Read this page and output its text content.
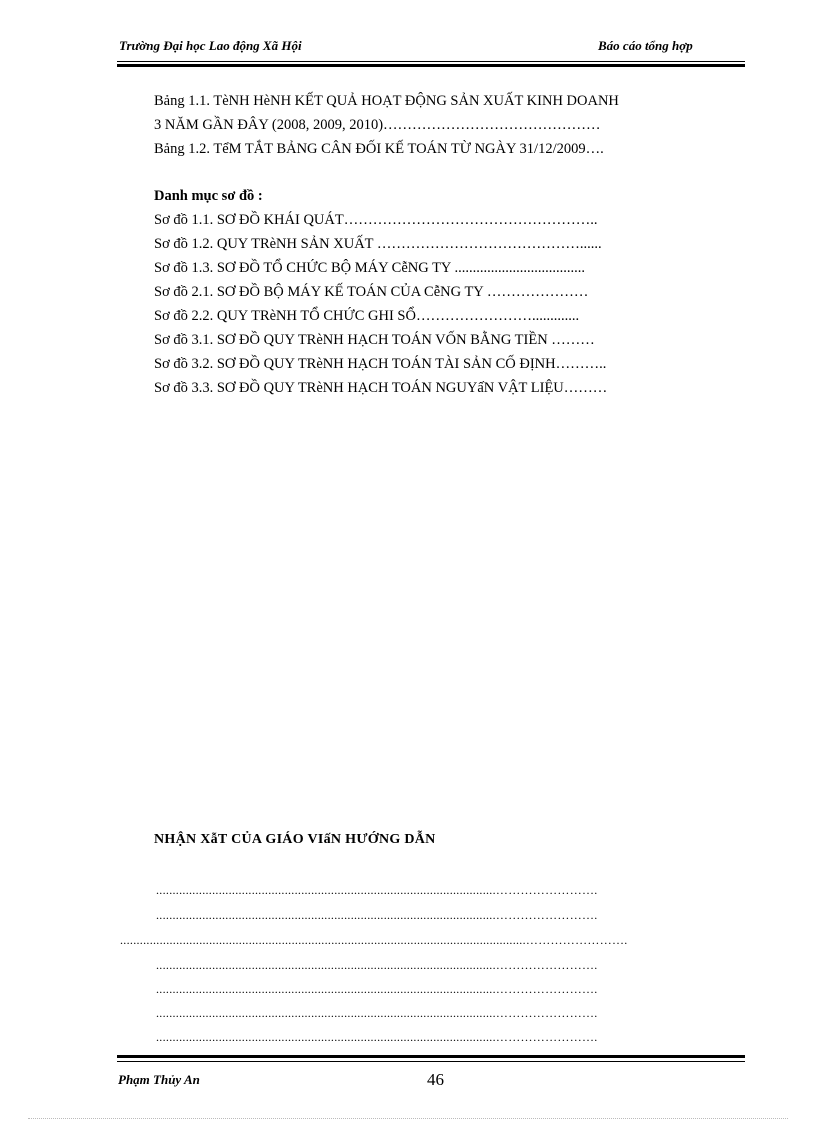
Trường Đại học Lao động Xã Hội	Báo cáo tổng hợp
Bảng 1.1. TèNH HèNH KẾT QUẢ HOẠT ĐỘNG SẢN XUẤT KINH DOANH
3 NĂM GẦN ĐÂY (2008, 2009, 2010)………………………………………
Bảng 1.2. TểM TẮT BẢNG CÂN ĐỐI KẾ TOÁN TỪ NGÀY 31/12/2009….
Danh mục sơ đồ :
Sơ đồ 1.1. SƠ ĐỒ KHÁI QUÁT……………………………………………..
Sơ đồ 1.2. QUY TRèNH SẢN XUẤT ……………………………………......
Sơ đồ 1.3. SƠ ĐỒ TỔ CHỨC BỘ MÁY CễNG TY ....................................
Sơ đồ 2.1. SƠ ĐỒ BỘ MÁY KẾ TOÁN CỦA CễNG TY …………………
Sơ đồ 2.2. QUY TRèNH TỔ CHỨC GHI SỔ…………………….............
Sơ đồ 3.1. SƠ ĐỒ QUY TRèNH HẠCH TOÁN VỐN BẰNG TIỀN ………
Sơ đồ 3.2. SƠ ĐỒ QUY TRèNH HẠCH TOÁN TÀI SẢN CỐ ĐỊNH………..
Sơ đồ 3.3. SƠ ĐỒ QUY TRèNH HẠCH TOÁN NGUYấN VẬT LIỆU………
NHẬN XẫT CỦA GIÁO VIấN HƯỚNG DẪN
.......................................................................................................…………………….
.......................................................................................................…………………….
...........................................................................................................................…………………….
.......................................................................................................…………………….
.......................................................................................................…………………….
.......................................................................................................…………………….
.......................................................................................................…………………….
Phạm Thủy An	46
